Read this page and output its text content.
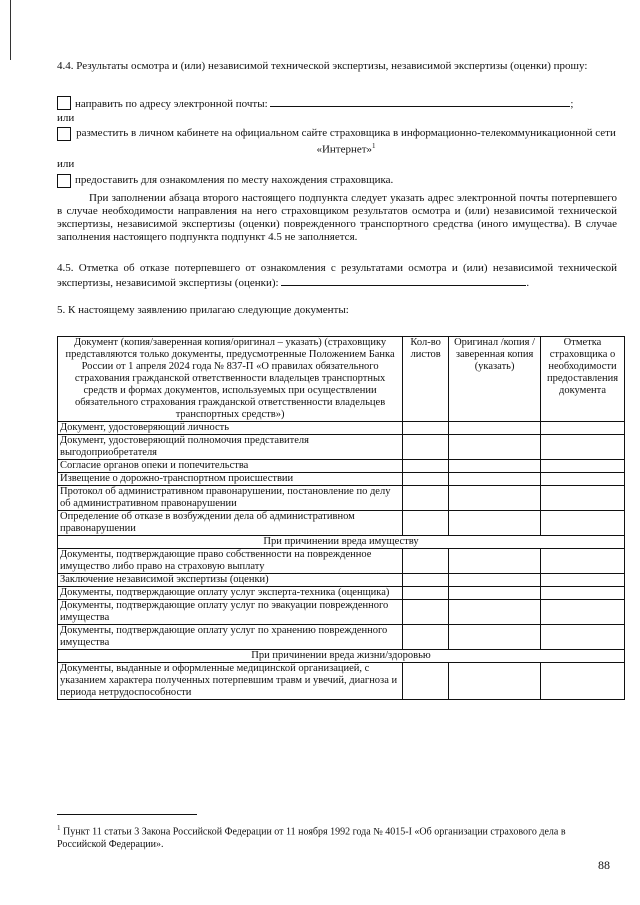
4.4. Результаты осмотра и (или) независимой технической экспертизы, независимой экспертизы (оценки) прошу:
направить по адресу электронной почты:	;
или
разместить в личном кабинете на официальном сайте страховщика в информационно-телекоммуникационной сети «Интернет»$^1$
или
предоставить для ознакомления по месту нахождения страховщика.
При заполнении абзаца второго настоящего подпункта следует указать адрес электронной почты потерпевшего в случае необходимости направления на него страховщиком результатов осмотра и (или) независимой технической экспертизы, независимой экспертизы (оценки) поврежденного транспортного средства (иного имущества). В случае заполнения настоящего подпункта подпункт 4.5 не заполняется.
4.5. Отметка об отказе потерпевшего от ознакомления с результатами осмотра и (или) независимой технической экспертизы, независимой экспертизы (оценки):	.
5. К настоящему заявлению прилагаю следующие документы:
Документ (копия/заверенная копия/оригинал – указать) (страховщику представляются только документы, предусмотренные Положением Банка России от 1 апреля 2024 года № 837-П «О правилах обязательного страхования гражданской ответственности владельцев транспортных средств и формах документов, используемых при осуществлении обязательного страхования гражданской ответственности владельцев транспортных средств»)	Кол-во листов	Оригинал /копия /заверенная копия (указать)	Отметка страховщика о необходимости предоставления документа
Документ, удостоверяющий личность			
Документ, удостоверяющий полномочия представителя выгодоприобретателя			
Согласие органов опеки и попечительства			
Извещение о дорожно-транспортном происшествии			
Протокол об административном правонарушении, постановление по делу об административном правонарушении			
Определение об отказе в возбуждении дела об административном правонарушении			
При причинении вреда имуществу			
Документы, подтверждающие право собственности на поврежденное имущество либо право на страховую выплату			
Заключение независимой экспертизы (оценки)			
Документы, подтверждающие оплату услуг эксперта-техника (оценщика)			
Документы, подтверждающие оплату услуг по эвакуации поврежденного имущества			
Документы, подтверждающие оплату услуг по хранению поврежденного имущества			
При причинении вреда жизни/здоровью			
Документы, выданные и оформленные медицинской организацией, с указанием характера полученных потерпевшим травм и увечий, диагноза и периода нетрудоспособности			
$^1$ Пункт 11 статьи 3 Закона Российской Федерации от 11 ноября 1992 года № 4015-I «Об организации страхового дела в Российской Федерации».
88
